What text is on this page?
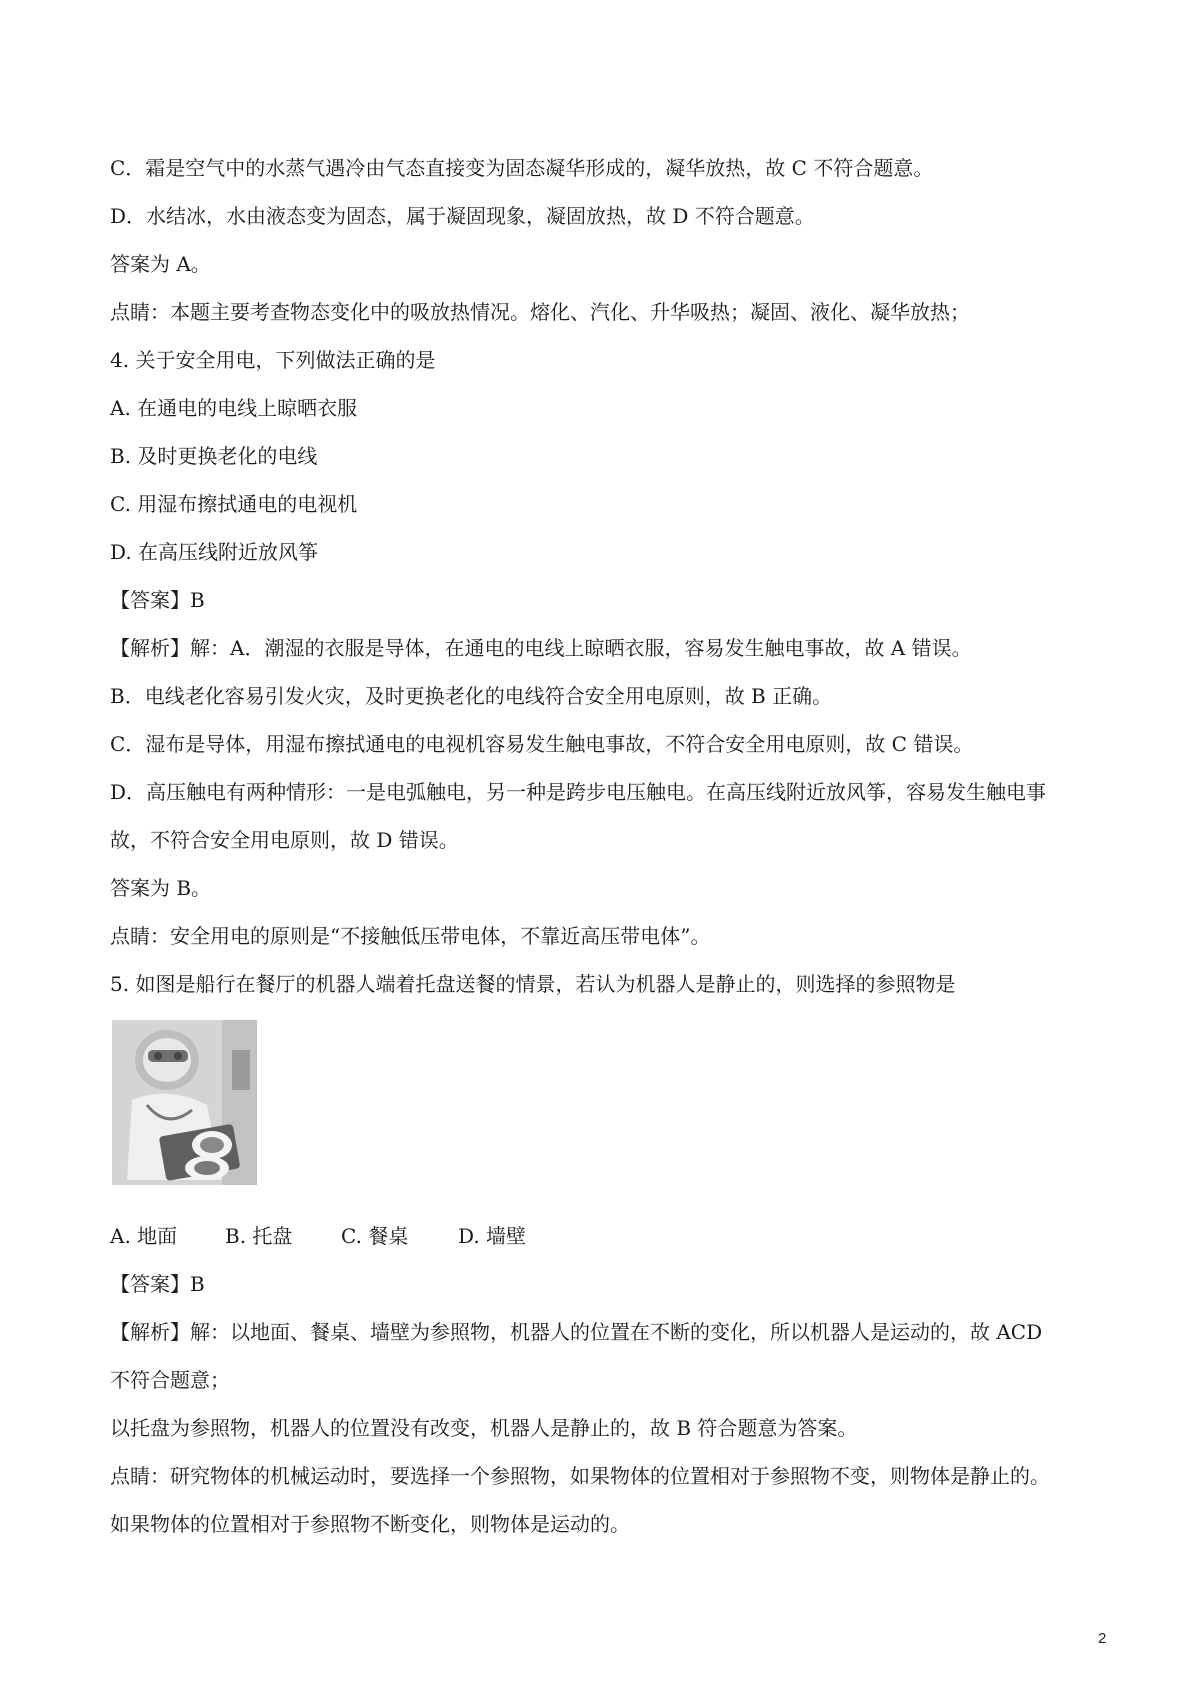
C．霜是空气中的水蒸气遇冷由气态直接变为固态凝华形成的，凝华放热，故 C 不符合题意。
D．水结冰，水由液态变为固态，属于凝固现象，凝固放热，故 D 不符合题意。
答案为 A。
点睛：本题主要考查物态变化中的吸放热情况。熔化、汽化、升华吸热；凝固、液化、凝华放热；
4. 关于安全用电，下列做法正确的是
A. 在通电的电线上晾晒衣服
B. 及时更换老化的电线
C. 用湿布擦拭通电的电视机
D. 在高压线附近放风筝
【答案】B
【解析】解：A．潮湿的衣服是导体，在通电的电线上晾晒衣服，容易发生触电事故，故 A 错误。
B．电线老化容易引发火灾，及时更换老化的电线符合安全用电原则，故 B 正确。
C．湿布是导体，用湿布擦拭通电的电视机容易发生触电事故，不符合安全用电原则，故 C 错误。
D．高压触电有两种情形：一是电弧触电，另一种是跨步电压触电。在高压线附近放风筝，容易发生触电事
故，不符合安全用电原则，故 D 错误。
答案为 B。
点睛：安全用电的原则是“不接触低压带电体，不靠近高压带电体”。
5. 如图是船行在餐厅的机器人端着托盘送餐的情景，若认为机器人是静止的，则选择的参照物是
A. 地面 B. 托盘 C. 餐桌 D. 墙壁
【答案】B
【解析】解：以地面、餐桌、墙壁为参照物，机器人的位置在不断的变化，所以机器人是运动的，故 ACD
不符合题意；
以托盘为参照物，机器人的位置没有改变，机器人是静止的，故 B 符合题意为答案。
点睛：研究物体的机械运动时，要选择一个参照物，如果物体的位置相对于参照物不变，则物体是静止的。
如果物体的位置相对于参照物不断变化，则物体是运动的。
2
